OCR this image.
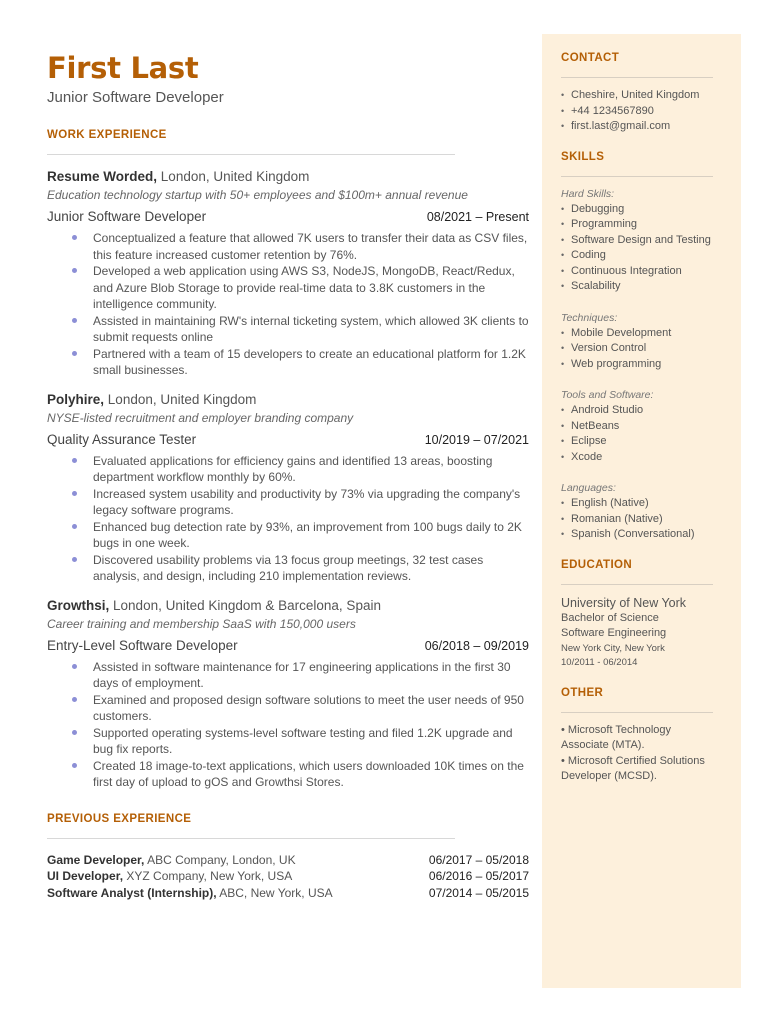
First Last
Junior Software Developer
WORK EXPERIENCE
Resume Worded, London, United Kingdom
Education technology startup with 50+ employees and $100m+ annual revenue
Junior Software Developer	08/2021 – Present
Conceptualized a feature that allowed 7K users to transfer their data as CSV files, this feature increased customer retention by 76%.
Developed a web application using AWS S3, NodeJS, MongoDB, React/Redux, and Azure Blob Storage to provide real-time data to 3.8K customers in the intelligence community.
Assisted in maintaining RW's internal ticketing system, which allowed 3K clients to submit requests online
Partnered with a team of 15 developers to create an educational platform for 1.2K small businesses.
Polyhire, London, United Kingdom
NYSE-listed recruitment and employer branding company
Quality Assurance Tester	10/2019 – 07/2021
Evaluated applications for efficiency gains and identified 13 areas, boosting department workflow monthly by 60%.
Increased system usability and productivity by 73% via upgrading the company's legacy software programs.
Enhanced bug detection rate by 93%, an improvement from 100 bugs daily to 2K bugs in one week.
Discovered usability problems via 13 focus group meetings, 32 test cases analysis, and design, including 210 implementation reviews.
Growthsi, London, United Kingdom & Barcelona, Spain
Career training and membership SaaS with 150,000 users
Entry-Level Software Developer	06/2018 – 09/2019
Assisted in software maintenance for 17 engineering applications in the first 30 days of employment.
Examined and proposed design software solutions to meet the user needs of 950 customers.
Supported operating systems-level software testing and filed 1.2K upgrade and bug fix reports.
Created 18 image-to-text applications, which users downloaded 10K times on the first day of upload to gOS and Growthsi Stores.
PREVIOUS EXPERIENCE
Game Developer, ABC Company, London, UK	06/2017 – 05/2018
UI Developer, XYZ Company, New York, USA	06/2016 – 05/2017
Software Analyst (Internship), ABC, New York, USA	07/2014 – 05/2015
CONTACT
• Cheshire, United Kingdom
• +44 1234567890
• first.last@gmail.com
SKILLS
Hard Skills:
• Debugging
• Programming
• Software Design and Testing
• Coding
• Continuous Integration
• Scalability
Techniques:
• Mobile Development
• Version Control
• Web programming
Tools and Software:
• Android Studio
• NetBeans
• Eclipse
• Xcode
Languages:
• English (Native)
• Romanian (Native)
• Spanish (Conversational)
EDUCATION
University of New York
Bachelor of Science
Software Engineering
New York City, New York
10/2011 - 06/2014
OTHER
• Microsoft Technology Associate (MTA).
• Microsoft Certified Solutions Developer (MCSD).
